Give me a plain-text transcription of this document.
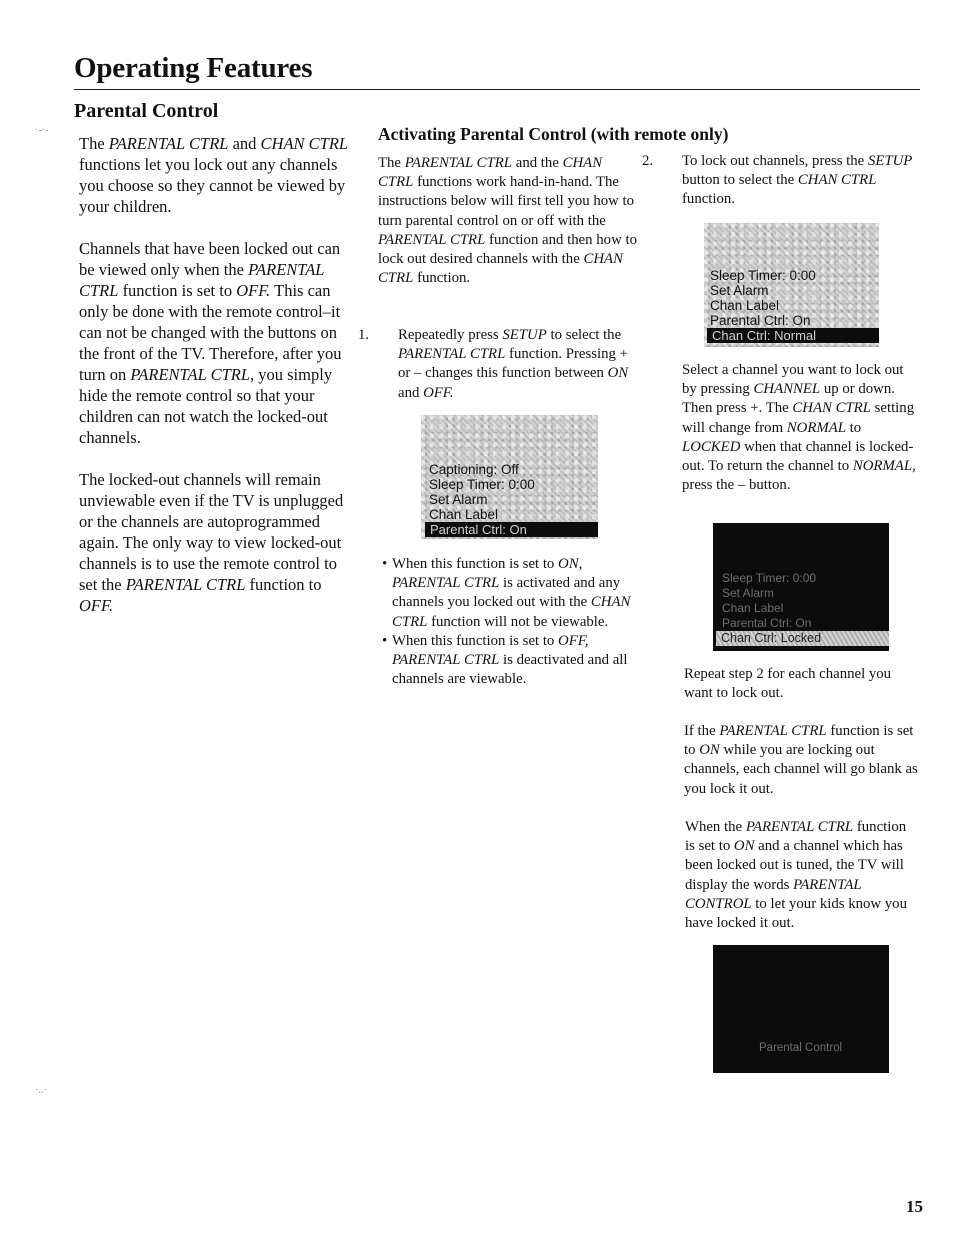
Operating Features
Parental Control

The PARENTAL CTRL and CHAN CTRL functions let you lock out any channels you choose so they cannot be viewed by your children.

Channels that have been locked out can be viewed only when the PARENTAL CTRL function is set to OFF. This can only be done with the remote control–it can not be changed with the buttons on the front of the TV. Therefore, after you turn on PARENTAL CTRL, you simply hide the remote control so that your children can not watch the locked-out channels.

The locked-out channels will remain unviewable even if the TV is unplugged or the channels are autoprogrammed again. The only way to view locked-out channels is to use the remote control to set the PARENTAL CTRL function to OFF.

Activating Parental Control (with remote only)

The PARENTAL CTRL and the CHAN CTRL functions work hand-in-hand. The instructions below will first tell you how to turn parental control on or off with the PARENTAL CTRL function and then how to lock out desired channels with the CHAN CTRL function.

1. Repeatedly press SETUP to select the PARENTAL CTRL function. Pressing + or – changes this function between ON and OFF.

Captioning: Off
Sleep Timer: 0:00
Set Alarm
Chan Label
Parental Ctrl: On
• When this function is set to ON, PARENTAL CTRL is activated and any channels you locked out with the CHAN CTRL function will not be viewable.
• When this function is set to OFF, PARENTAL CTRL is deactivated and all channels are viewable.

2. To lock out channels, press the SETUP button to select the CHAN CTRL function.

Sleep Timer: 0:00
Set Alarm
Chan Label
Parental Ctrl: On
Chan Ctrl: Normal

Select a channel you want to lock out by pressing CHANNEL up or down. Then press +. The CHAN CTRL setting will change from NORMAL to LOCKED when that channel is locked-out. To return the channel to NORMAL, press the – button.

Sleep Timer: 0:00
Set Alarm
Chan Label
Parental Ctrl: On
Chan Ctrl: Locked

Repeat step 2 for each channel you want to lock out.

If the PARENTAL CTRL function is set to ON while you are locking out channels, each channel will go blank as you lock it out.

When the PARENTAL CTRL function is set to ON and a channel which has been locked out is tuned, the TV will display the words PARENTAL CONTROL to let your kids know you have locked it out.

Parental Control
15
·-·-
·..·
